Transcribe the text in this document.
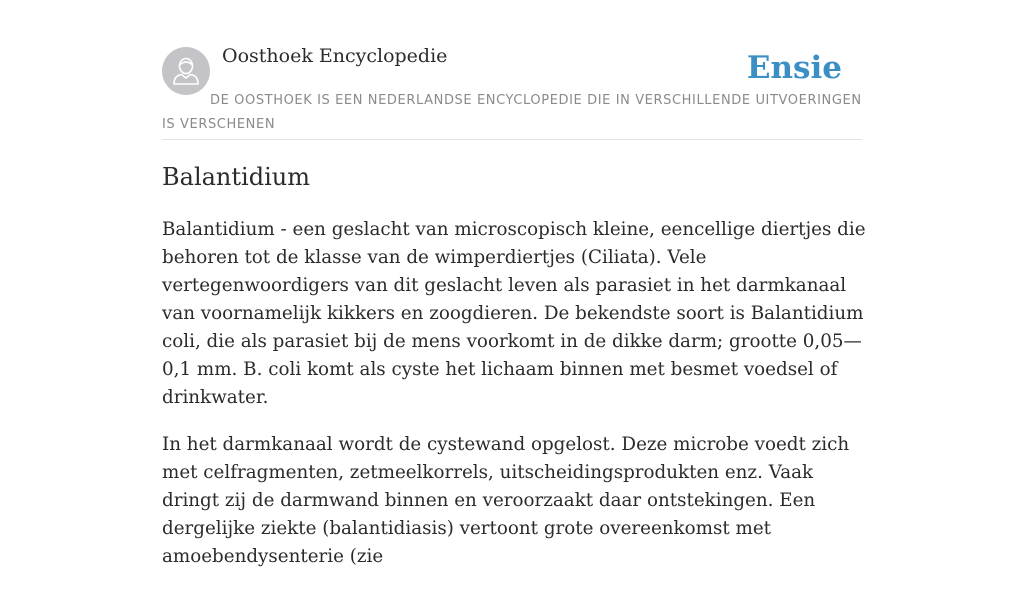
Oosthoek Encyclopedie	Ensie
DE OOSTHOEK IS EEN NEDERLANDSE ENCYCLOPEDIE DIE IN VERSCHILLENDE UITVOERINGEN IS VERSCHENEN
Balantidium

Balantidium - een geslacht van microscopisch kleine, eencellige diertjes die behoren tot de klasse van de wimperdiertjes (Ciliata). Vele vertegenwoordigers van dit geslacht leven als parasiet in het darmkanaal van voornamelijk kikkers en zoogdieren. De bekendste soort is Balantidium coli, die als parasiet bij de mens voorkomt in de dikke darm; grootte 0,05—0,1 mm. B. coli komt als cyste het lichaam binnen met besmet voedsel of drinkwater.

In het darmkanaal wordt de cystewand opgelost. Deze microbe voedt zich met celfragmenten, zetmeelkorrels, uitscheidingsprodukten enz. Vaak dringt zij de darmwand binnen en veroorzaakt daar ontstekingen. Een dergelijke ziekte (balantidiasis) vertoont grote overeenkomst met amoebendysenterie (zie
